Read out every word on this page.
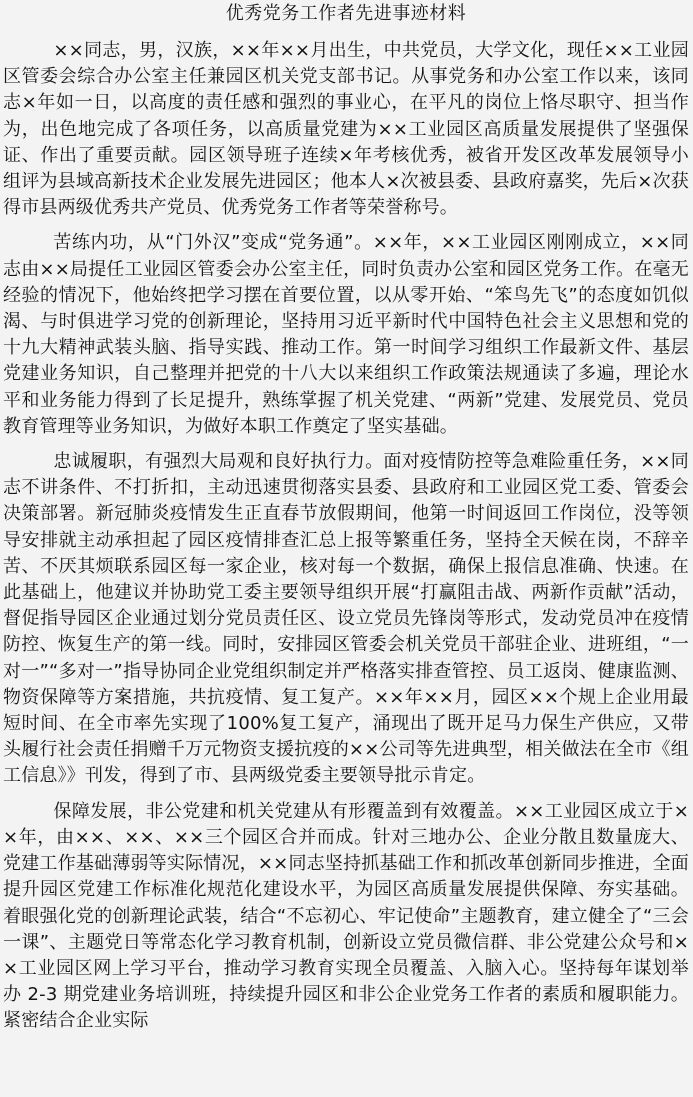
优秀党务工作者先进事迹材料

××同志，男，汉族，××年××月出生，中共党员，大学文化，现任××工业园区管委会综合办公室主任兼园区机关党支部书记。从事党务和办公室工作以来，该同志×年如一日，以高度的责任感和强烈的事业心，在平凡的岗位上恪尽职守、担当作为，出色地完成了各项任务，以高质量党建为××工业园区高质量发展提供了坚强保证、作出了重要贡献。园区领导班子连续×年考核优秀，被省开发区改革发展领导小组评为县域高新技术企业发展先进园区；他本人×次被县委、县政府嘉奖，先后×次获得市县两级优秀共产党员、优秀党务工作者等荣誉称号。

苦练内功，从“门外汉”变成“党务通”。××年，××工业园区刚刚成立，××同志由××局提任工业园区管委会办公室主任，同时负责办公室和园区党务工作。在毫无经验的情况下，他始终把学习摆在首要位置，以从零开始、“笨鸟先飞”的态度如饥似渴、与时俱进学习党的创新理论，坚持用习近平新时代中国特色社会主义思想和党的十九大精神武装头脑、指导实践、推动工作。第一时间学习组织工作最新文件、基层党建业务知识，自己整理并把党的十八大以来组织工作政策法规通读了多遍，理论水平和业务能力得到了长足提升，熟练掌握了机关党建、“两新”党建、发展党员、党员教育管理等业务知识，为做好本职工作奠定了坚实基础。

忠诚履职，有强烈大局观和良好执行力。面对疫情防控等急难险重任务，××同志不讲条件、不打折扣，主动迅速贯彻落实县委、县政府和工业园区党工委、管委会决策部署。新冠肺炎疫情发生正直春节放假期间，他第一时间返回工作岗位，没等领导安排就主动承担起了园区疫情排查汇总上报等繁重任务，坚持全天候在岗，不辞辛苦、不厌其烦联系园区每一家企业，核对每一个数据，确保上报信息准确、快速。在此基础上，他建议并协助党工委主要领导组织开展“打赢阻击战、两新作贡献”活动，督促指导园区企业通过划分党员责任区、设立党员先锋岗等形式，发动党员冲在疫情防控、恢复生产的第一线。同时，安排园区管委会机关党员干部驻企业、进班组，“一对一”“多对一”指导协同企业党组织制定并严格落实排查管控、员工返岗、健康监测、物资保障等方案措施，共抗疫情、复工复产。××年××月，园区××个规上企业用最短时间、在全市率先实现了100%复工复产，涌现出了既开足马力保生产供应，又带头履行社会责任捐赠千万元物资支援抗疫的××公司等先进典型，相关做法在全市《组工信息》》刊发，得到了市、县两级党委主要领导批示肯定。

保障发展，非公党建和机关党建从有形覆盖到有效覆盖。××工业园区成立于××年，由××、××、××三个园区合并而成。针对三地办公、企业分散且数量庞大、党建工作基础薄弱等实际情况，××同志坚持抓基础工作和抓改革创新同步推进，全面提升园区党建工作标准化规范化建设水平，为园区高质量发展提供保障、夯实基础。着眼强化党的创新理论武装，结合“不忘初心、牢记使命”主题教育，建立健全了“三会一课”、主题党日等常态化学习教育机制，创新设立党员微信群、非公党建公众号和××工业园区网上学习平台，推动学习教育实现全员覆盖、入脑入心。坚持每年谋划举办 2-3 期党建业务培训班，持续提升园区和非公企业党务工作者的素质和履职能力。紧密结合企业实际
